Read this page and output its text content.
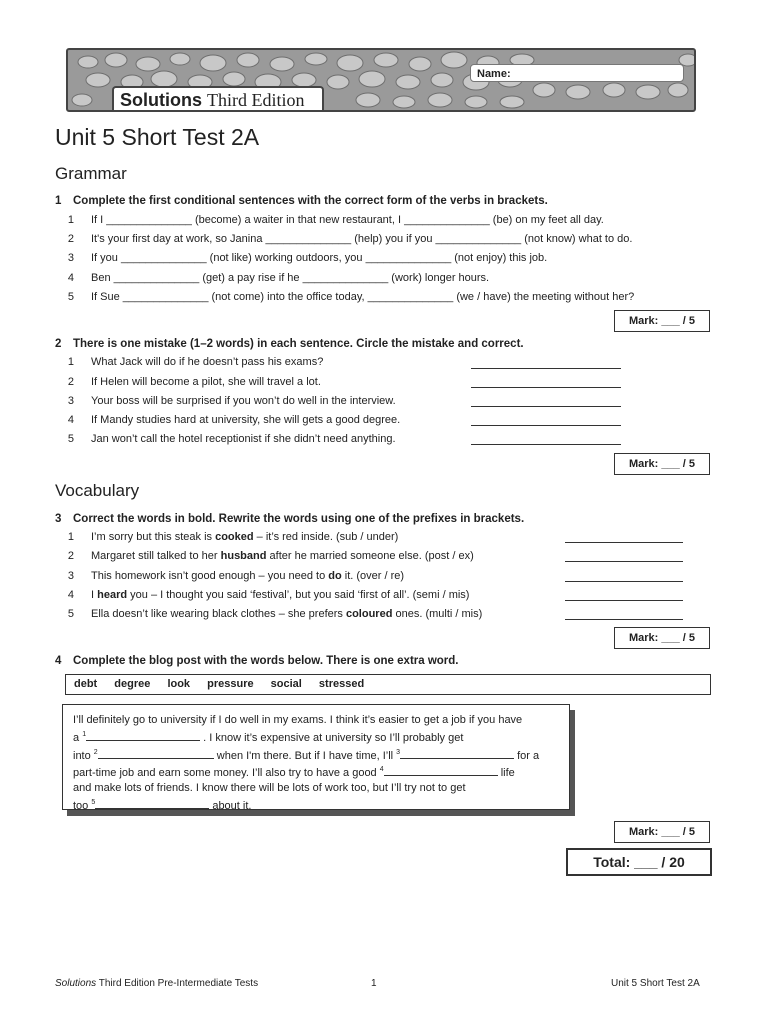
Name:
Solutions Third Edition
Unit 5 Short Test 2A
Grammar
1 Complete the first conditional sentences with the correct form of the verbs in brackets.
1 If I ______________ (become) a waiter in that new restaurant, I ______________ (be) on my feet all day.
2 It's your first day at work, so Janina ______________ (help) you if you ______________ (not know) what to do.
3 If you ______________ (not like) working outdoors, you ______________ (not enjoy) this job.
4 Ben ______________ (get) a pay rise if he ______________ (work) longer hours.
5 If Sue ______________ (not come) into the office today, ______________ (we / have) the meeting without her?
Mark: ___ / 5
2 There is one mistake (1–2 words) in each sentence. Circle the mistake and correct.
1 What Jack will do if he doesn’t pass his exams?
2 If Helen will become a pilot, she will travel a lot.
3 Your boss will be surprised if you won’t do well in the interview.
4 If Mandy studies hard at university, she will gets a good degree.
5 Jan won’t call the hotel receptionist if she didn’t need anything.
Mark: ___ / 5
Vocabulary
3 Correct the words in bold. Rewrite the words using one of the prefixes in brackets.
1 I’m sorry but this steak is cooked – it’s red inside. (sub / under)
2 Margaret still talked to her husband after he married someone else. (post / ex)
3 This homework isn’t good enough – you need to do it. (over / re)
4 I heard you – I thought you said ‘festival’, but you said ‘first of all’. (semi / mis)
5 Ella doesn’t like wearing black clothes – she prefers coloured ones. (multi / mis)
Mark: ___ / 5
4 Complete the blog post with the words below. There is one extra word.
debt degree look pressure social stressed
I’ll definitely go to university if I do well in my exams. I think it’s easier to get a job if you have
a $^1$	. I know it’s expensive at university so I’ll probably get
into $^2$	when I'm there. But if I have time, I’ll $^3$	for a
part-time job and earn some money. I’ll also try to have a good $^4$	life
and make lots of friends. I know there will be lots of work too, but I’ll try not to get
too $^5$	about it.
Mark: ___ / 5
Total: ___ / 20
Solutions Third Edition Pre-Intermediate Tests	1	Unit 5 Short Test 2A
